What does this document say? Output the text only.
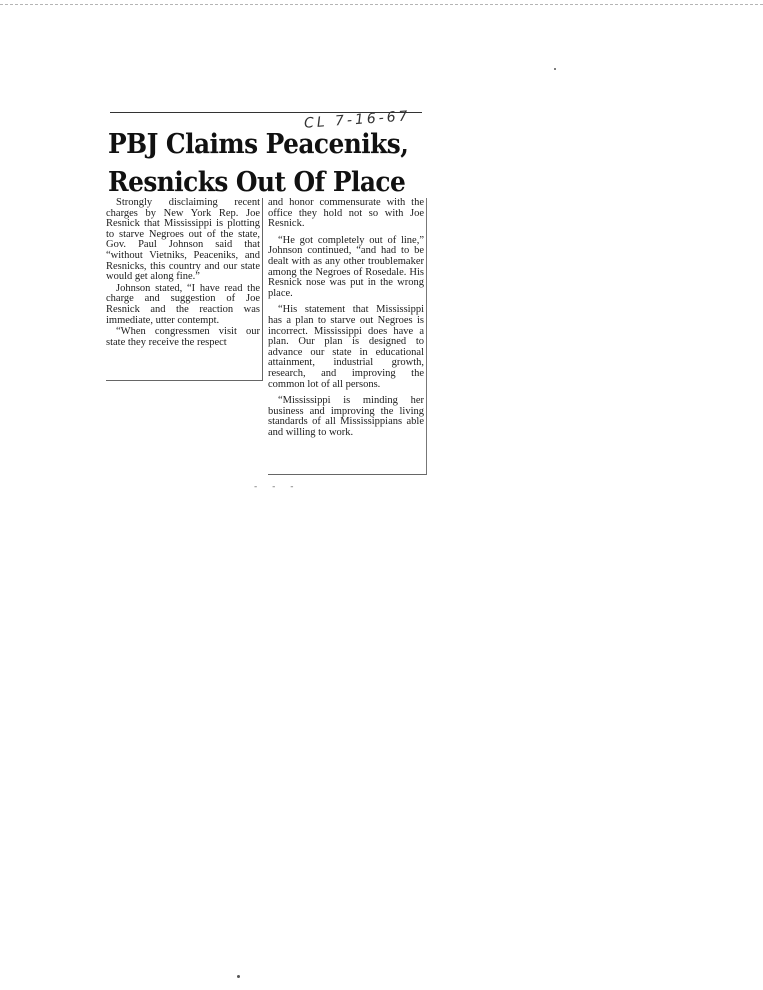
CL 7-16-67
PBJ Claims Peaceniks,
Resnicks Out Of Place

Strongly disclaiming recent charges by New York Rep. Joe Resnick that Mississippi is plotting to starve Negroes out of the state, Gov. Paul Johnson said that “without Vietniks, Peaceniks, and Resnicks, this country and our state would get along fine.”

Johnson stated, “I have read the charge and suggestion of Joe Resnick and the reaction was immediate, utter contempt.

“When congressmen visit our state they receive the respect

and honor commensurate with the office they hold not so with Joe Resnick.

“He got completely out of line,” Johnson continued, “and had to be dealt with as any other troublemaker among the Negroes of Rosedale. His Resnick nose was put in the wrong place.

“His statement that Mississippi has a plan to starve out Negroes is incorrect. Mississippi does have a plan. Our plan is designed to advance our state in educational attainment, industrial growth, research, and improving the common lot of all persons.

“Mississippi is minding her business and improving the living standards of all Mississippians able and willing to work.

‐ ‐ ‐
